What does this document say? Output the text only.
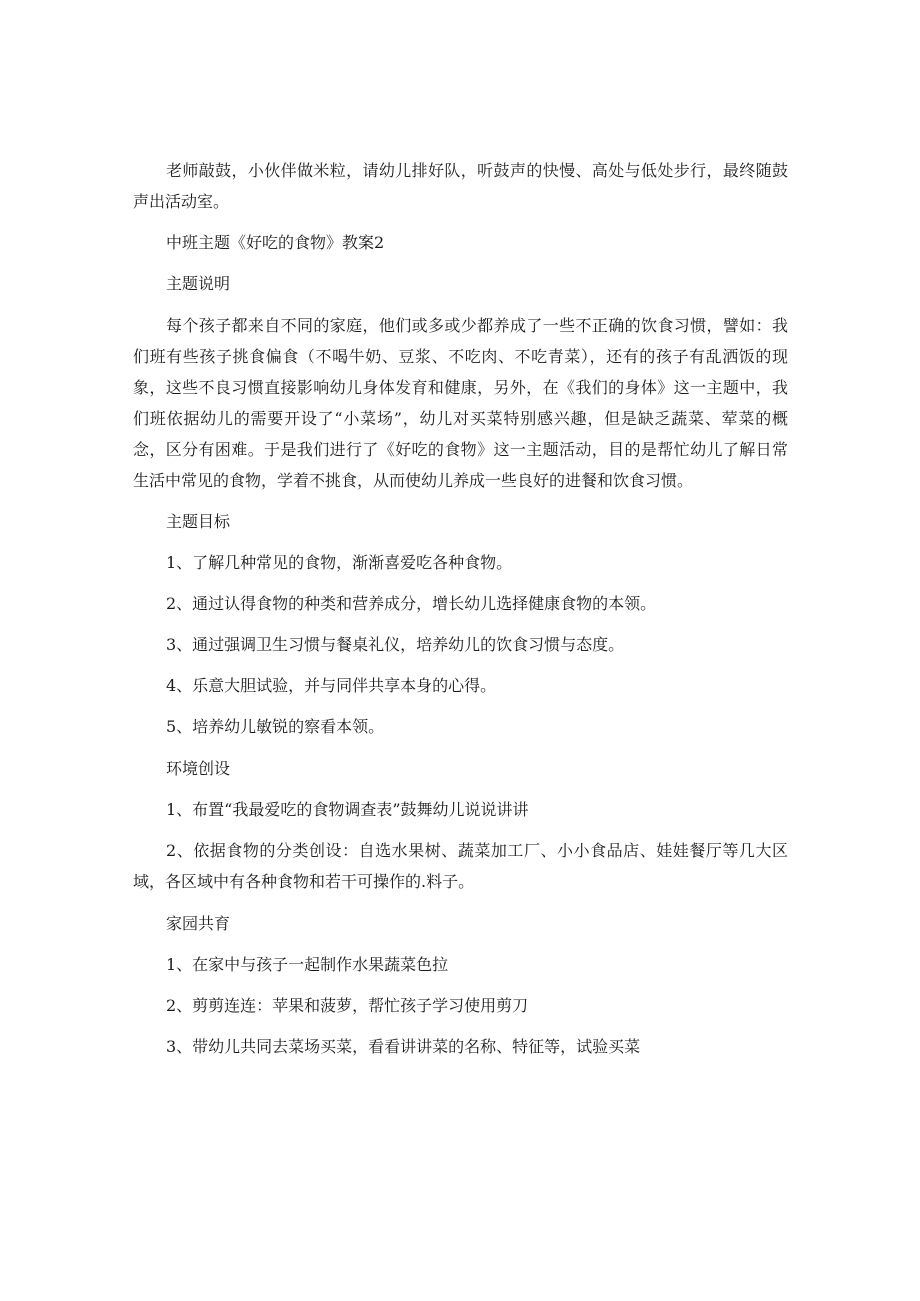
老师敲鼓，小伙伴做米粒，请幼儿排好队，听鼓声的快慢、高处与低处步行，最终随鼓声出活动室。

中班主题《好吃的食物》教案2

主题说明

每个孩子都来自不同的家庭，他们或多或少都养成了一些不正确的饮食习惯，譬如：我们班有些孩子挑食偏食（不喝牛奶、豆浆、不吃肉、不吃青菜），还有的孩子有乱洒饭的现象，这些不良习惯直接影响幼儿身体发育和健康，另外，在《我们的身体》这一主题中，我们班依据幼儿的需要开设了“小菜场”，幼儿对买菜特别感兴趣，但是缺乏蔬菜、荤菜的概念，区分有困难。于是我们进行了《好吃的食物》这一主题活动，目的是帮忙幼儿了解日常生活中常见的食物，学着不挑食，从而使幼儿养成一些良好的进餐和饮食习惯。

主题目标

1、了解几种常见的食物，渐渐喜爱吃各种食物。

2、通过认得食物的种类和营养成分，增长幼儿选择健康食物的本领。

3、通过强调卫生习惯与餐桌礼仪，培养幼儿的饮食习惯与态度。

4、乐意大胆试验，并与同伴共享本身的心得。

5、培养幼儿敏锐的察看本领。

环境创设

1、布置“我最爱吃的食物调查表”鼓舞幼儿说说讲讲

2、依据食物的分类创设：自选水果树、蔬菜加工厂、小小食品店、娃娃餐厅等几大区域，各区域中有各种食物和若干可操作的.料子。

家园共育

1、在家中与孩子一起制作水果蔬菜色拉

2、剪剪连连：苹果和菠萝，帮忙孩子学习使用剪刀

3、带幼儿共同去菜场买菜，看看讲讲菜的名称、特征等，试验买菜
